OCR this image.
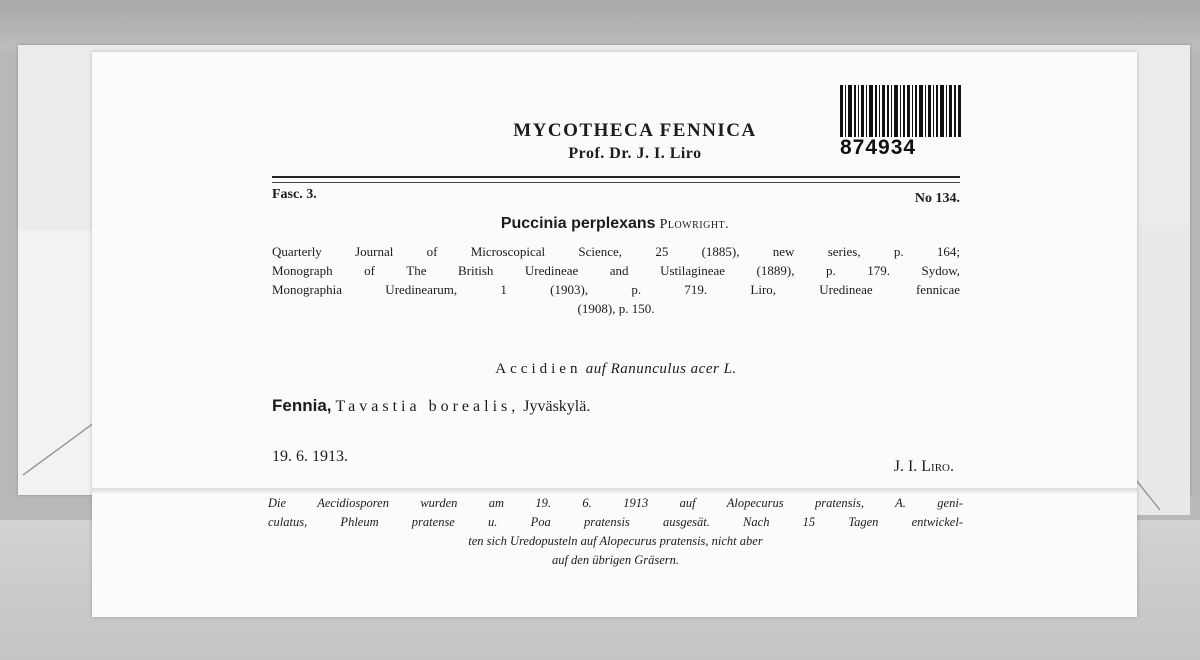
MYCOTHECA FENNICA
Prof. Dr. J. I. Liro	874934
Fasc. 3.	No 134.
Puccinia perplexans Plowright.
Quarterly Journal of Microscopical Science, 25 (1885), new series, p. 164;
Monograph of The British Uredineae and Ustilagineae (1889), p. 179. Sydow,
Monographia Uredinearum, 1 (1903), p. 719. Liro, Uredineae fennicae
(1908), p. 150.
Accidien auf Ranunculus acer L.
Fennia, Tavastia borealis, Jyväskylä.
19. 6. 1913.
J. I. Liro.
Die Aecidiosporen wurden am 19. 6. 1913 auf Alopecurus pratensis, A. geni-
culatus, Phleum pratense u. Poa pratensis ausgesät. Nach 15 Tagen entwickel-
ten sich Uredopusteln auf Alopecurus pratensis, nicht aber
auf den übrigen Gräsern.
